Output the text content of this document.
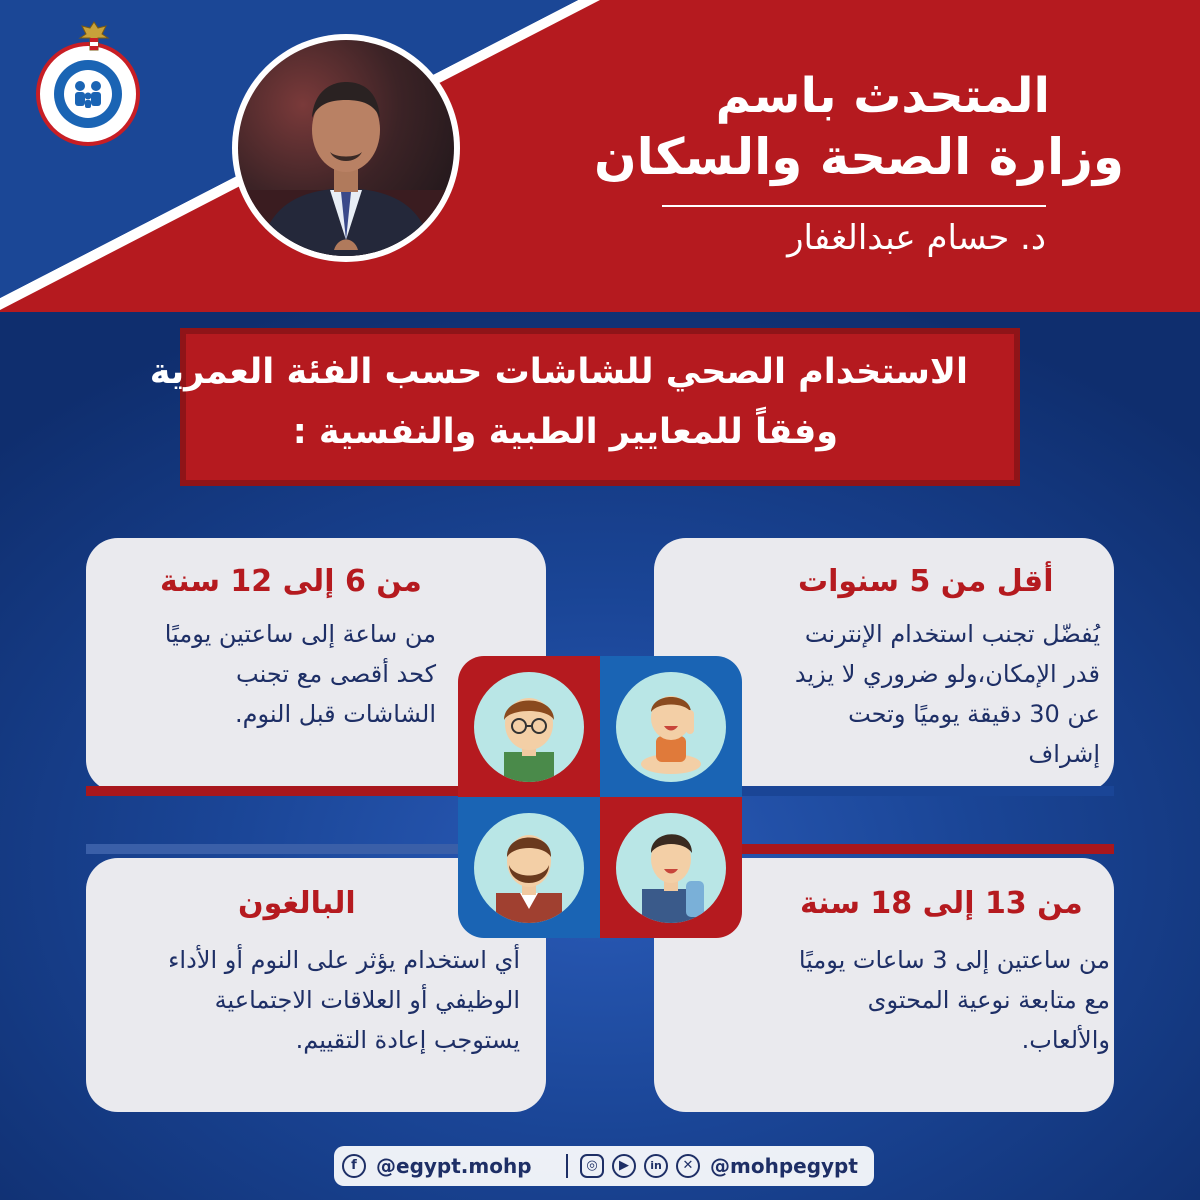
المتحدث باسم
وزارة الصحة والسكان
د. حسام عبدالغفار
الاستخدام الصحي للشاشات حسب الفئة العمرية
وفقاً للمعايير الطبية والنفسية :
من 6 إلى 12 سنة	أقل من 5 سنوات
البالغون	من 13 إلى 18 سنة
من ساعة إلى ساعتين يوميًا
كحد أقصى مع تجنب
الشاشات قبل النوم.
يُفضّل تجنب استخدام الإنترنت
قدر الإمكان،ولو ضروري لا يزيد
عن 30 دقيقة يوميًا وتحت
إشراف
أي استخدام يؤثر على النوم أو الأداء
الوظيفي أو العلاقات الاجتماعية
يستوجب إعادة التقييم.
من ساعتين إلى 3 ساعات يوميًا
مع متابعة نوعية المحتوى
والألعاب.
f @egypt.mohp	◎	▶	in	✕ @mohpegypt
